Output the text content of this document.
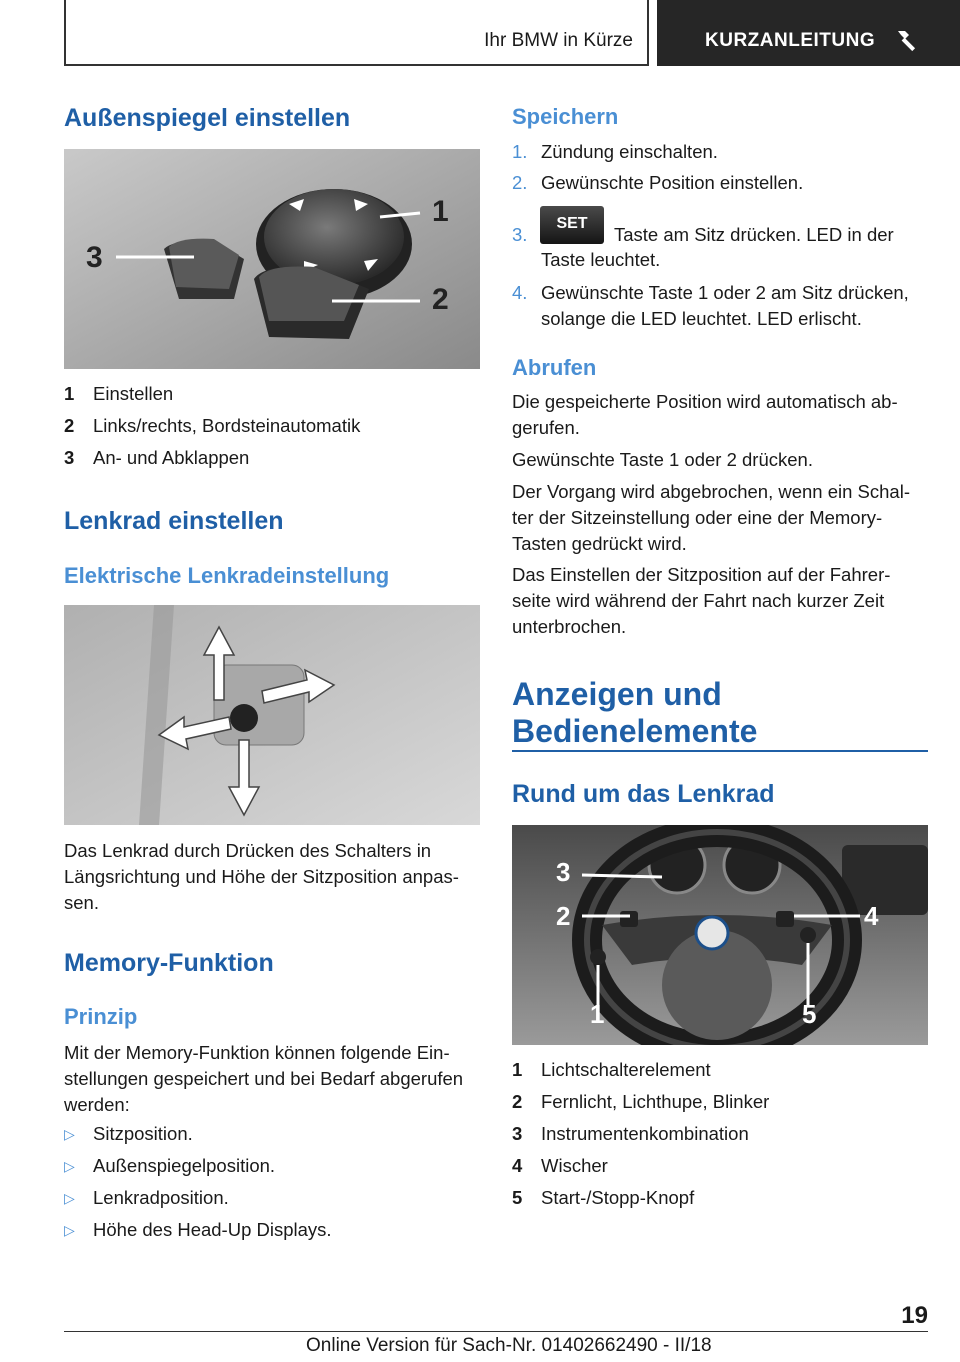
Ihr BMW in Kürze	KURZANLEITUNG
Außenspiegel einstellen
1
2
3
1 Einstellen
2 Links/rechts, Bordsteinautomatik
3 An- und Abklappen
Lenkrad einstellen
Elektrische Lenkradeinstellung
Das Lenkrad durch Drücken des Schalters in
Längsrichtung und Höhe der Sitzposition anpas-
sen.
Memory-Funktion
Prinzip
Mit der Memory-Funktion können folgende Ein-
stellungen gespeichert und bei Bedarf abgerufen
werden:
▷ Sitzposition.
▷ Außenspiegelposition.
▷ Lenkradposition.
▷ Höhe des Head-Up Displays.
Speichern
1. Zündung einschalten.
2. Gewünschte Position einstellen.
3.
SET
Taste am Sitz drücken. LED in der
Taste leuchtet.
4. Gewünschte Taste 1 oder 2 am Sitz drücken,
solange die LED leuchtet. LED erlischt.
Abrufen
Die gespeicherte Position wird automatisch ab-
gerufen.
Gewünschte Taste 1 oder 2 drücken.
Der Vorgang wird abgebrochen, wenn ein Schal-
ter der Sitzeinstellung oder eine der Memory-
Tasten gedrückt wird.
Das Einstellen der Sitzposition auf der Fahrer-
seite wird während der Fahrt nach kurzer Zeit
unterbrochen.
Anzeigen und
Bedienelemente
Rund um das Lenkrad
1
2
3
4
5
1 Lichtschalterelement
2 Fernlicht, Lichthupe, Blinker
3 Instrumentenkombination
4 Wischer
5 Start-/Stopp-Knopf
19
Online Version für Sach-Nr. 01402662490 - II/18
